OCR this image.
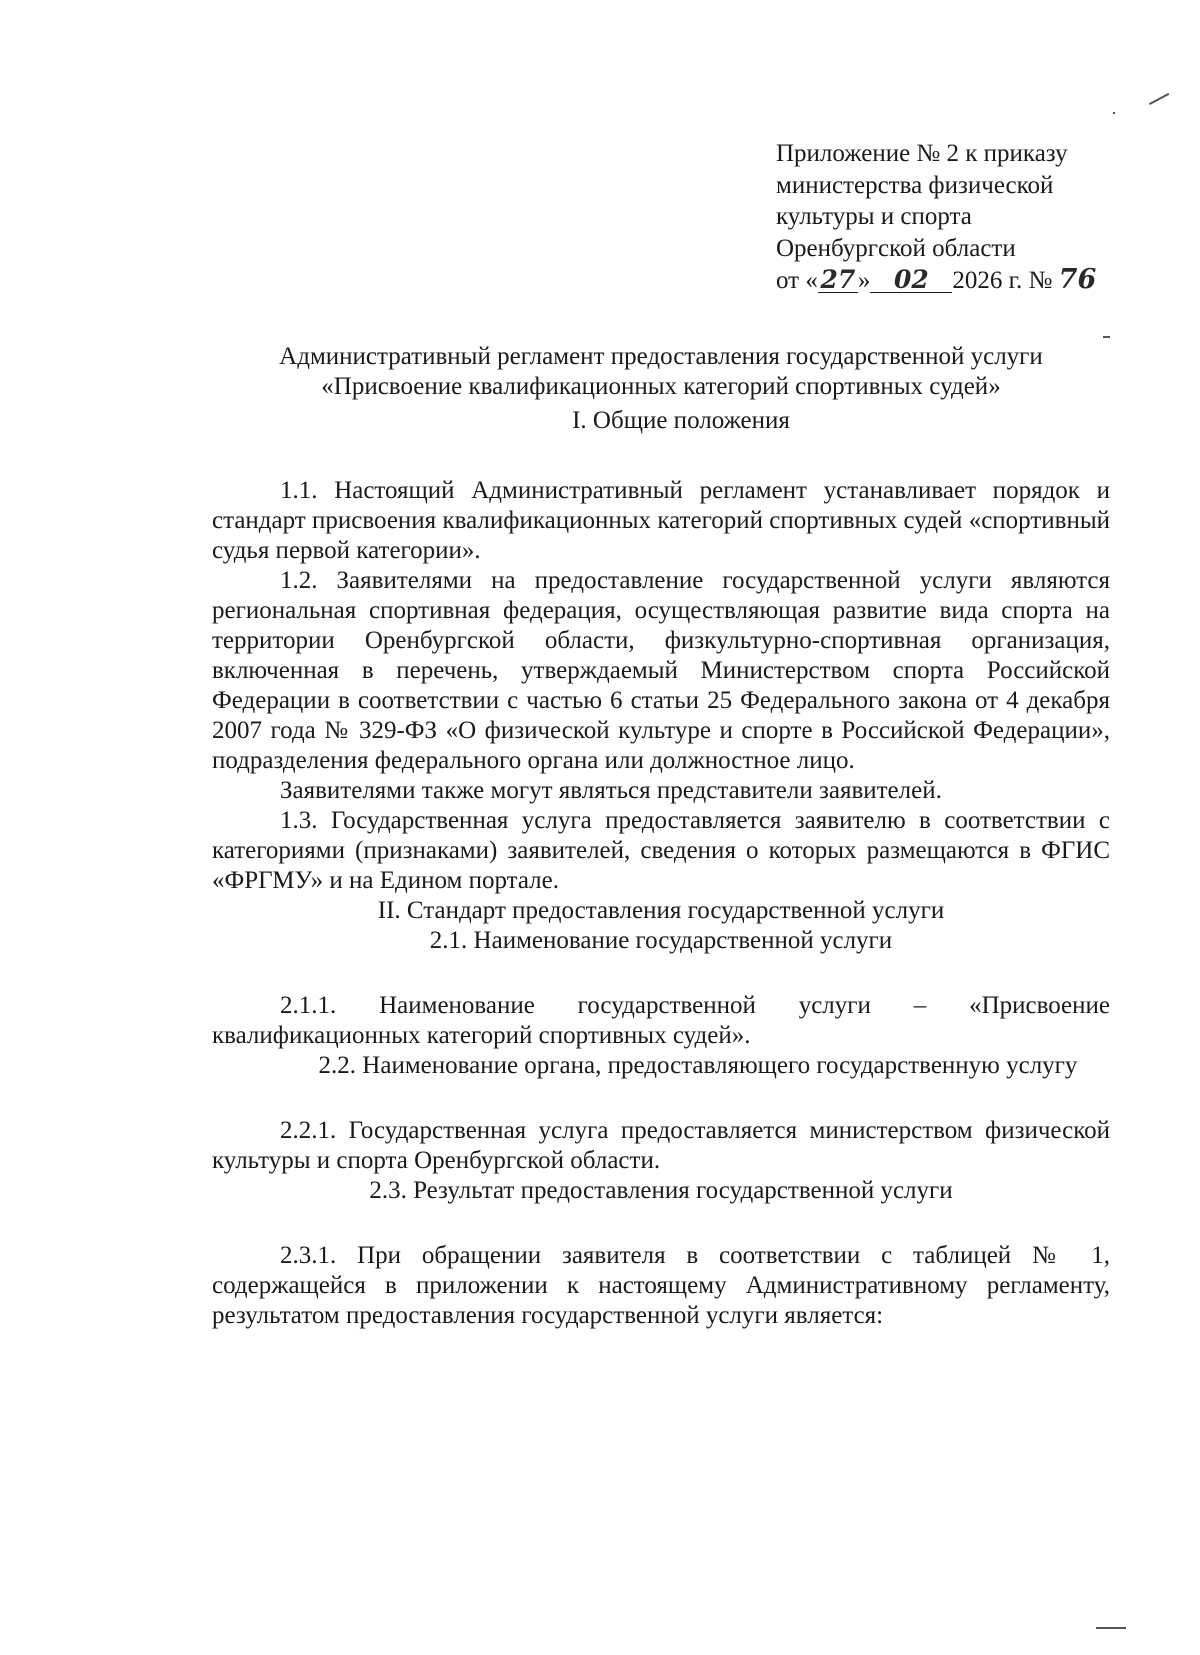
Приложение № 2 к приказу
министерства физической
культуры и спорта
Оренбургской области
от « 27 » 02 2026 г. № 76
Административный регламент предоставления государственной услуги
«Присвоение квалификационных категорий спортивных судей»
I. Общие положения

1.1. Настоящий Административный регламент устанавливает порядок и стандарт присвоения квалификационных категорий спортивных судей «спортивный судья первой категории».

1.2. Заявителями на предоставление государственной услуги являются региональная спортивная федерация, осуществляющая развитие вида спорта на территории Оренбургской области, физкультурно-спортивная организация, включенная в перечень, утверждаемый Министерством спорта Российской Федерации в соответствии с частью 6 статьи 25 Федерального закона от 4 декабря 2007 года № 329-ФЗ «О физической культуре и спорте в Российской Федерации», подразделения федерального органа или должностное лицо.

Заявителями также могут являться представители заявителей.

1.3. Государственная услуга предоставляется заявителю в соответствии с категориями (признаками) заявителей, сведения о которых размещаются в ФГИС «ФРГМУ» и на Едином портале.

II. Стандарт предоставления государственной услуги
2.1. Наименование государственной услуги

2.1.1. Наименование государственной услуги – «Присвоение квалификационных категорий спортивных судей».

2.2. Наименование органа, предоставляющего государственную услугу

2.2.1. Государственная услуга предоставляется министерством физической культуры и спорта Оренбургской области.

2.3. Результат предоставления государственной услуги

2.3.1. При обращении заявителя в соответствии с таблицей № 1, содержащейся в приложении к настоящему Административному регламенту, результатом предоставления государственной услуги является:
